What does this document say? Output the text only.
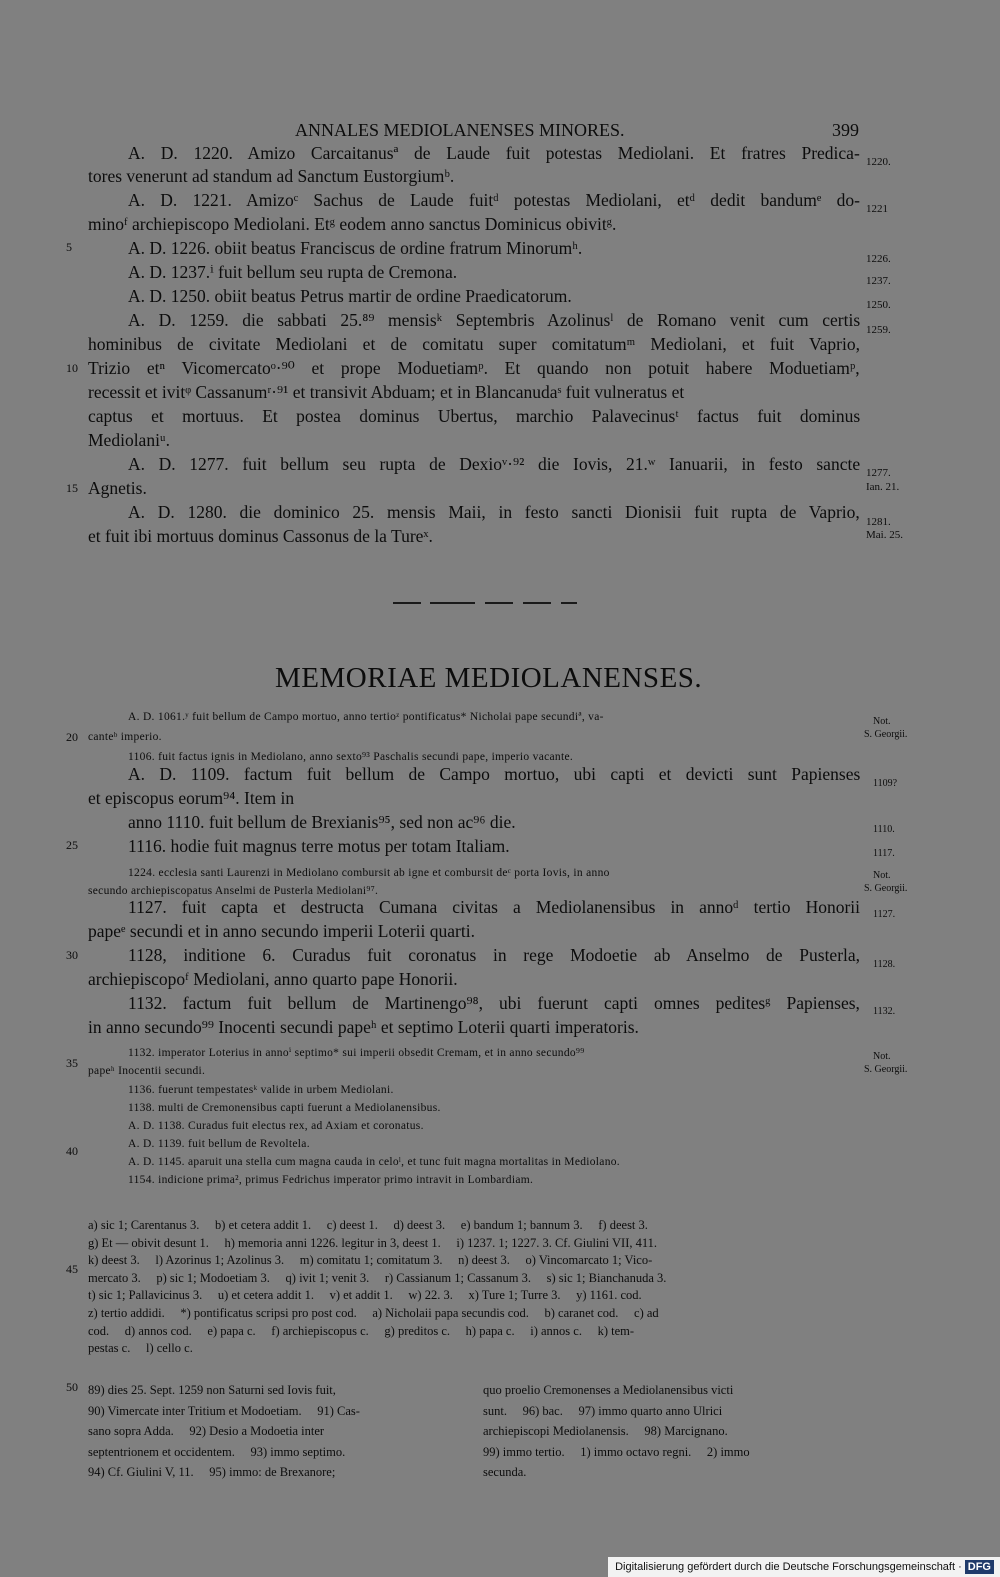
ANNALES MEDIOLANENSES MINORES.	399
A. D. 1220. Amizo Carcaitanusª de Laude fuit potestas Mediolani. Et fratres Predica-
tores venerunt ad standum ad Sanctum Eustorgiumᵇ.
A. D. 1221. Amizoᶜ Sachus de Laude fuitᵈ potestas Mediolani, etᵈ dedit bandumᵉ do-
minoᶠ archiepiscopo Mediolani. Etᵍ eodem anno sanctus Dominicus obivitᵍ.
A. D. 1226. obiit beatus Franciscus de ordine fratrum Minorumʰ.
A. D. 1237.ⁱ fuit bellum seu rupta de Cremona.
A. D. 1250. obiit beatus Petrus martir de ordine Praedicatorum.
A. D. 1259. die sabbati 25.⁸⁹ mensisᵏ Septembris Azolinusˡ de Romano venit cum certis
hominibus de civitate Mediolani et de comitatu super comitatumᵐ Mediolani, et fuit Vaprio,
Trizio etⁿ Vicomercatoᵒ·⁹⁰ et prope Moduetiamᵖ. Et quando non potuit habere Moduetiamᵖ,
recessit et ivitᵠ Cassanumʳ·⁹¹ et transivit Abduam; et in Blancanudaˢ fuit vulneratus et
captus et mortuus. Et postea dominus Ubertus, marchio Palavecinusᵗ factus fuit dominus
Mediolaniᵘ.
A. D. 1277. fuit bellum seu rupta de Dexioᵛ·⁹² die Iovis, 21.ʷ Ianuarii, in festo sancte
Agnetis.
A. D. 1280. die dominico 25. mensis Maii, in festo sancti Dionisii fuit rupta de Vaprio,
et fuit ibi mortuus dominus Cassonus de la Tureˣ.
1220.
1221
1226.
1237.
1250.
1259.
1277.
Ian. 21.
1281.
Mai. 25.
5
10
15
20
25
30
35
40
45
50
MEMORIAE MEDIOLANENSES.
A. D. 1061.ʸ fuit bellum de Campo mortuo, anno tertioᶻ pontificatus* Nicholai pape secundiª, va-
canteᵇ imperio.
1106. fuit factus ignis in Mediolano, anno sexto⁹³ Paschalis secundi pape, imperio vacante.
A. D. 1109. factum fuit bellum de Campo mortuo, ubi capti et devicti sunt Papienses
et episcopus eorum⁹⁴. Item in
anno 1110. fuit bellum de Brexianis⁹⁵, sed non ac⁹⁶ die.
1116. hodie fuit magnus terre motus per totam Italiam.
1224. ecclesia santi Laurenzi in Mediolano combursit ab igne et combursit deᶜ porta Iovis, in anno
secundo archiepiscopatus Anselmi de Pusterla Mediolani⁹⁷.
1127. fuit capta et destructa Cumana civitas a Mediolanensibus in annoᵈ tertio Honorii
papeᵉ secundi et in anno secundo imperii Loterii quarti.
1128, inditione 6. Curadus fuit coronatus in rege Modoetie ab Anselmo de Pusterla,
archiepiscopoᶠ Mediolani, anno quarto pape Honorii.
1132. factum fuit bellum de Martinengo⁹⁸, ubi fuerunt capti omnes peditesᵍ Papienses,
in anno secundo⁹⁹ Inocenti secundi papeʰ et septimo Loterii quarti imperatoris.
1132. imperator Loterius in annoⁱ septimo* sui imperii obsedit Cremam, et in anno secundo⁹⁹
papeʰ Inocentii secundi.
1136. fuerunt tempestatesᵏ valide in urbem Mediolani.
1138. multi de Cremonensibus capti fuerunt a Mediolanensibus.
A. D. 1138. Curadus fuit electus rex, ad Axiam et coronatus.
A. D. 1139. fuit bellum de Revoltela.
A. D. 1145. aparuit una stella cum magna cauda in celoˡ, et tunc fuit magna mortalitas in Mediolano.
1154. indicione prima², primus Fedrichus imperator primo intravit in Lombardiam.
Not.
S. Georgii.
1109?
1110.
1117.
Not.
S. Georgii.
1127.
1128.
1132.
Not.
S. Georgii.
a) sic 1; Carentanus 3.  b) et cetera addit 1.  c) deest 1.  d) deest 3.  e) bandum 1; bannum 3.  f) deest 3.
g) Et — obivit desunt 1.  h) memoria anni 1226. legitur in 3, deest 1.  i) 1237. 1; 1227. 3. Cf. Giulini VII, 411.
k) deest 3.  l) Azorinus 1; Azolinus 3.  m) comitatu 1; comitatum 3.  n) deest 3.  o) Vincomarcato 1; Vico-
mercato 3.  p) sic 1; Modoetiam 3.  q) ivit 1; venit 3.  r) Cassianum 1; Cassanum 3.  s) sic 1; Bianchanuda 3.
t) sic 1; Pallavicinus 3.  u) et cetera addit 1.  v) et addit 1.  w) 22. 3.  x) Ture 1; Turre 3.  y) 1161. cod.
z) tertio addidi.  *) pontificatus scripsi pro post cod.  a) Nicholaii papa secundis cod.  b) caranet cod.  c) ad
cod.  d) annos cod.  e) papa c.  f) archiepiscopus c.  g) preditos c.  h) papa c.  i) annos c.  k) tem-
pestas c.  l) cello c.
89) dies 25. Sept. 1259 non Saturni sed Iovis fuit,
90) Vimercate inter Tritium et Modoetiam.  91) Cas-
sano sopra Adda.  92) Desio a Modoetia inter
septentrionem et occidentem.  93) immo septimo.
94) Cf. Giulini V, 11.  95) immo: de Brexanore;
quo proelio Cremonenses a Mediolanensibus victi
sunt.  96) bac.  97) immo quarto anno Ulrici
archiepiscopi Mediolanensis.  98) Marcignano.
99) immo tertio.  1) immo octavo regni.  2) immo
secunda.
Digitalisierung gefördert durch die Deutsche Forschungsgemeinschaft · DFG
